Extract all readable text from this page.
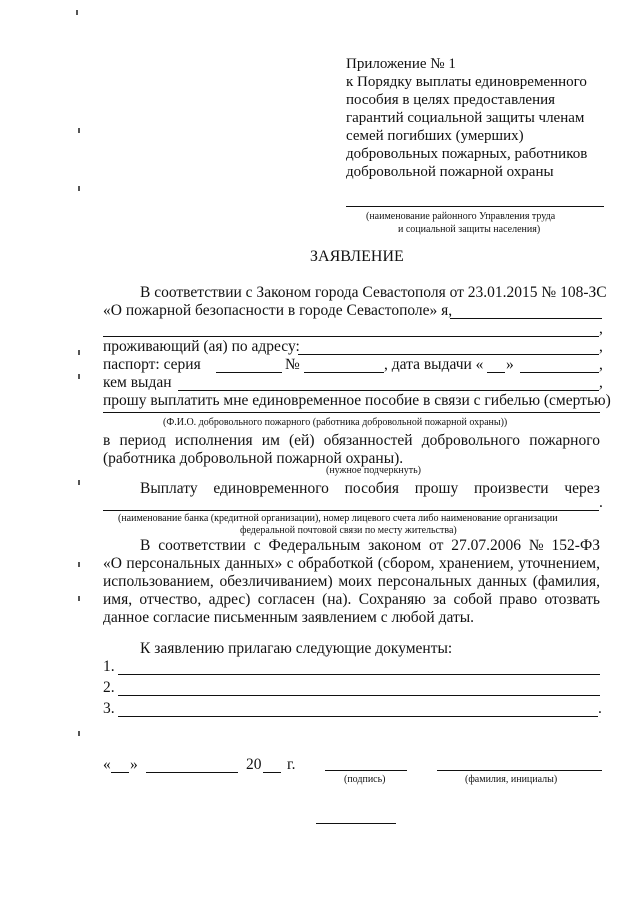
Приложение № 1
к Порядку выплаты единовременного
пособия в целях предоставления
гарантий социальной защиты членам
семей погибших (умерших)
добровольных пожарных, работников
добровольной пожарной охраны
(наименование районного Управления труда
и социальной защиты населения)
ЗАЯВЛЕНИЕ
В соответствии с Законом города Севастополя от 23.01.2015 № 108-ЗС
«О пожарной безопасности в городе Севастополе» я,
,
проживающий (ая) по адресу:	,
паспорт: серия	№	, дата выдачи « »	,
кем выдан	,
прошу выплатить мне единовременное пособие в связи с гибелью (смертью)
(Ф.И.О. добровольного пожарного (работника добровольной пожарной охраны))
в период исполнения им (ей) обязанностей добровольного пожарного
(работника добровольной пожарной охраны).
(нужное подчеркнуть)
Выплату единовременного пособия прошу произвести через
.
(наименование банка (кредитной организации), номер лицевого счета либо наименование организации
федеральной почтовой связи по месту жительства)
В соответствии с Федеральным законом от 27.07.2006 № 152-ФЗ
«О персональных данных» с обработкой (сбором, хранением, уточнением,
использованием, обезличиванием) моих персональных данных (фамилия,
имя, отчество, адрес) согласен (на). Сохраняю за собой право отозвать
данное согласие письменным заявлением с любой даты.
К заявлению прилагаю следующие документы:
1.
2.
3.	.
« »	20 г.
(подпись)	(фамилия, инициалы)
